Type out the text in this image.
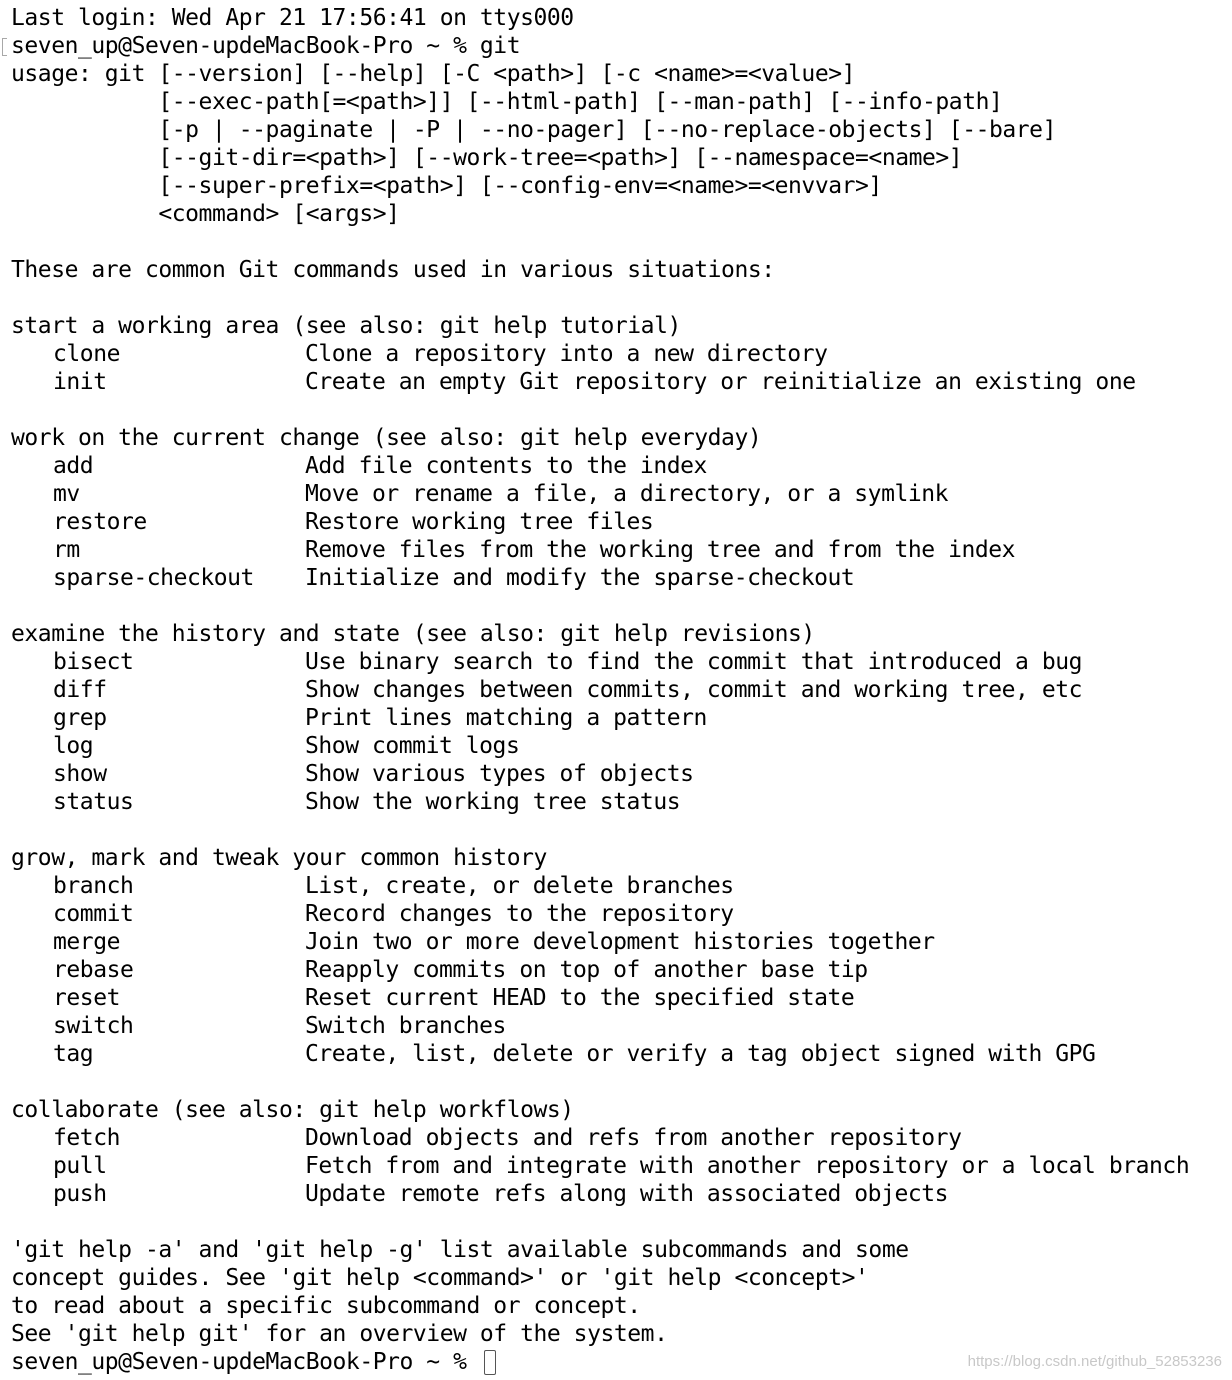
Last login: Wed Apr 21 17:56:41 on ttys000
seven_up@Seven-updeMacBook-Pro ~ % git
usage: git [--version] [--help] [-C <path>] [-c <name>=<value>]
[--exec-path[=<path>]] [--html-path] [--man-path] [--info-path]
[-p | --paginate | -P | --no-pager] [--no-replace-objects] [--bare]
[--git-dir=<path>] [--work-tree=<path>] [--namespace=<name>]
[--super-prefix=<path>] [--config-env=<name>=<envvar>]
<command> [<args>]
These are common Git commands used in various situations:
start a working area (see also: git help tutorial)
clone	Clone a repository into a new directory
init	Create an empty Git repository or reinitialize an existing one
work on the current change (see also: git help everyday)
add	Add file contents to the index
mv	Move or rename a file, a directory, or a symlink
restore	Restore working tree files
rm	Remove files from the working tree and from the index
sparse-checkout	Initialize and modify the sparse-checkout
examine the history and state (see also: git help revisions)
bisect	Use binary search to find the commit that introduced a bug
diff	Show changes between commits, commit and working tree, etc
grep	Print lines matching a pattern
log	Show commit logs
show	Show various types of objects
status	Show the working tree status
grow, mark and tweak your common history
branch	List, create, or delete branches
commit	Record changes to the repository
merge	Join two or more development histories together
rebase	Reapply commits on top of another base tip
reset	Reset current HEAD to the specified state
switch	Switch branches
tag	Create, list, delete or verify a tag object signed with GPG
collaborate (see also: git help workflows)
fetch	Download objects and refs from another repository
pull	Fetch from and integrate with another repository or a local branch
push	Update remote refs along with associated objects
'git help -a' and 'git help -g' list available subcommands and some
concept guides. See 'git help <command>' or 'git help <concept>'
to read about a specific subcommand or concept.
See 'git help git' for an overview of the system.
seven_up@Seven-updeMacBook-Pro ~ %	https://blog.csdn.net/github_52853236
